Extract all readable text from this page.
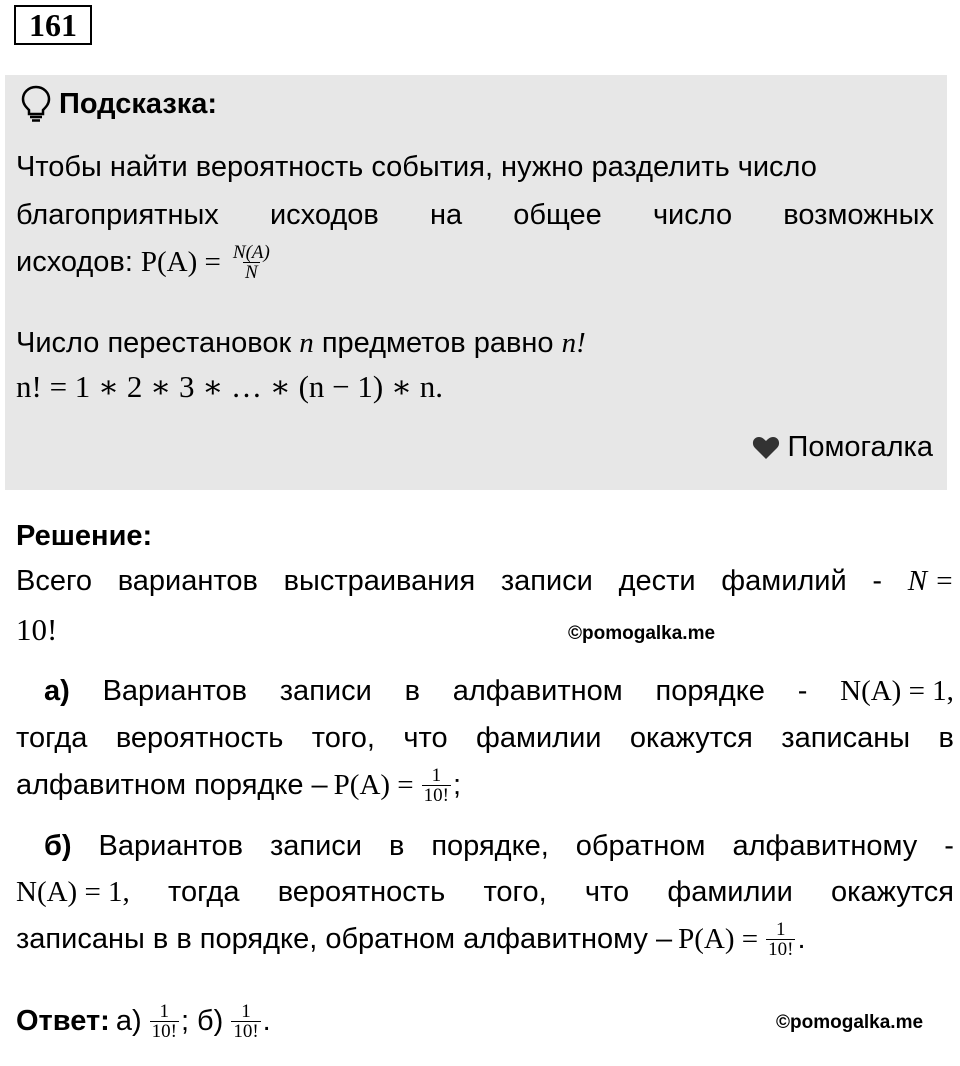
161
Подсказка:
Чтобы найти вероятность события, нужно разделить число
благоприятных исходов на общее число возможных
исходов: $P(A) = \frac{N(A)}{N}$
Число перестановок n предметов равно n!
n! = 1 ∗ 2 ∗ 3 ∗ … ∗ (n − 1) ∗ n.
Помогалка
Решение:
Всего вариантов выстраивания записи дести фамилий - N =
10!	©pomogalka.me
а) Вариантов записи в алфавитном порядке - N(A) = 1,
тогда вероятность того, что фамилии окажутся записаны в
алфавитном порядке – $P(A) = \frac{1}{10!}$ ;
б) Вариантов записи в порядке, обратном алфавитному -
N(A) = 1, тогда вероятность того, что фамилии окажутся
записаны в в порядке, обратном алфавитному – $P(A) = \frac{1}{10!}$ .
Ответ: $а) \frac{1}{10!}$ ; $б) \frac{1}{10!}$ .	©pomogalka.me
